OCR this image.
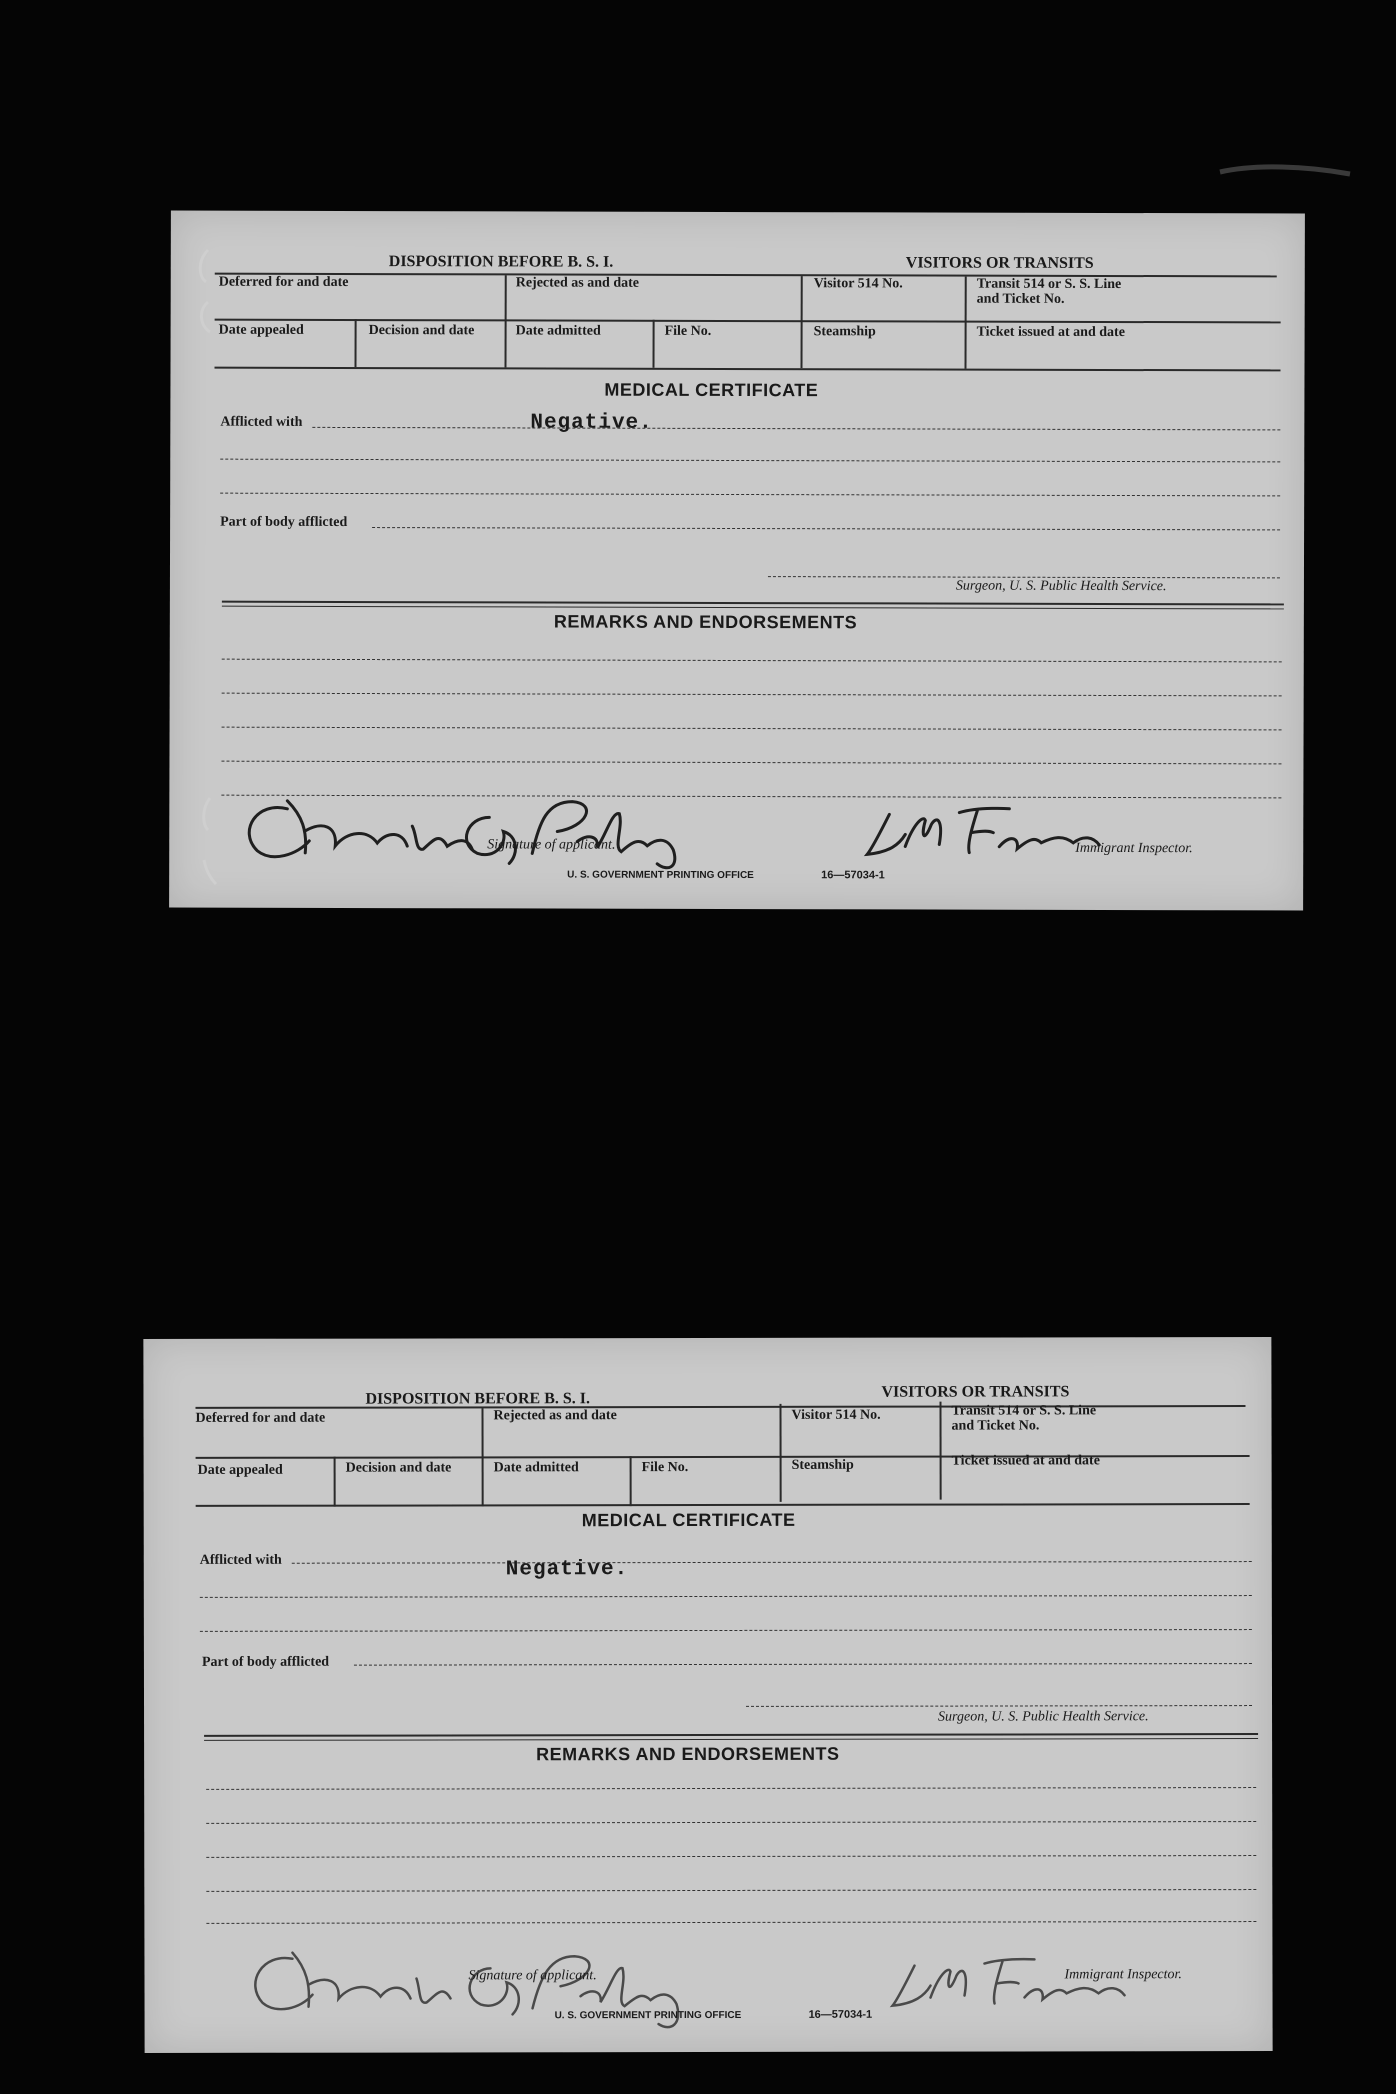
DISPOSITION BEFORE B. S. I.	VISITORS OR TRANSITS
Deferred for and date	Rejected as and date	Visitor 514 No.	Transit 514 or S. S. Line
and Ticket No.
Date appealed	Decision and date	Date admitted	File No.	Steamship	Ticket issued at and date
MEDICAL CERTIFICATE
Afflicted with	Negative.
Part of body afflicted
Surgeon, U. S. Public Health Service.
REMARKS AND ENDORSEMENTS
Signature of applicant.	Immigrant Inspector.
U. S. GOVERNMENT PRINTING OFFICE	16—57034-1
DISPOSITION BEFORE B. S. I.	VISITORS OR TRANSITS
Deferred for and date	Rejected as and date	Visitor 514 No.	Transit 514 or S. S. Line
and Ticket No.
Date appealed	Decision and date	Date admitted	File No.	Steamship	Ticket issued at and date
MEDICAL CERTIFICATE
Afflicted with	Negative.
Part of body afflicted
Surgeon, U. S. Public Health Service.
REMARKS AND ENDORSEMENTS
Signature of applicant.	Immigrant Inspector.
U. S. GOVERNMENT PRINTING OFFICE	16—57034-1
